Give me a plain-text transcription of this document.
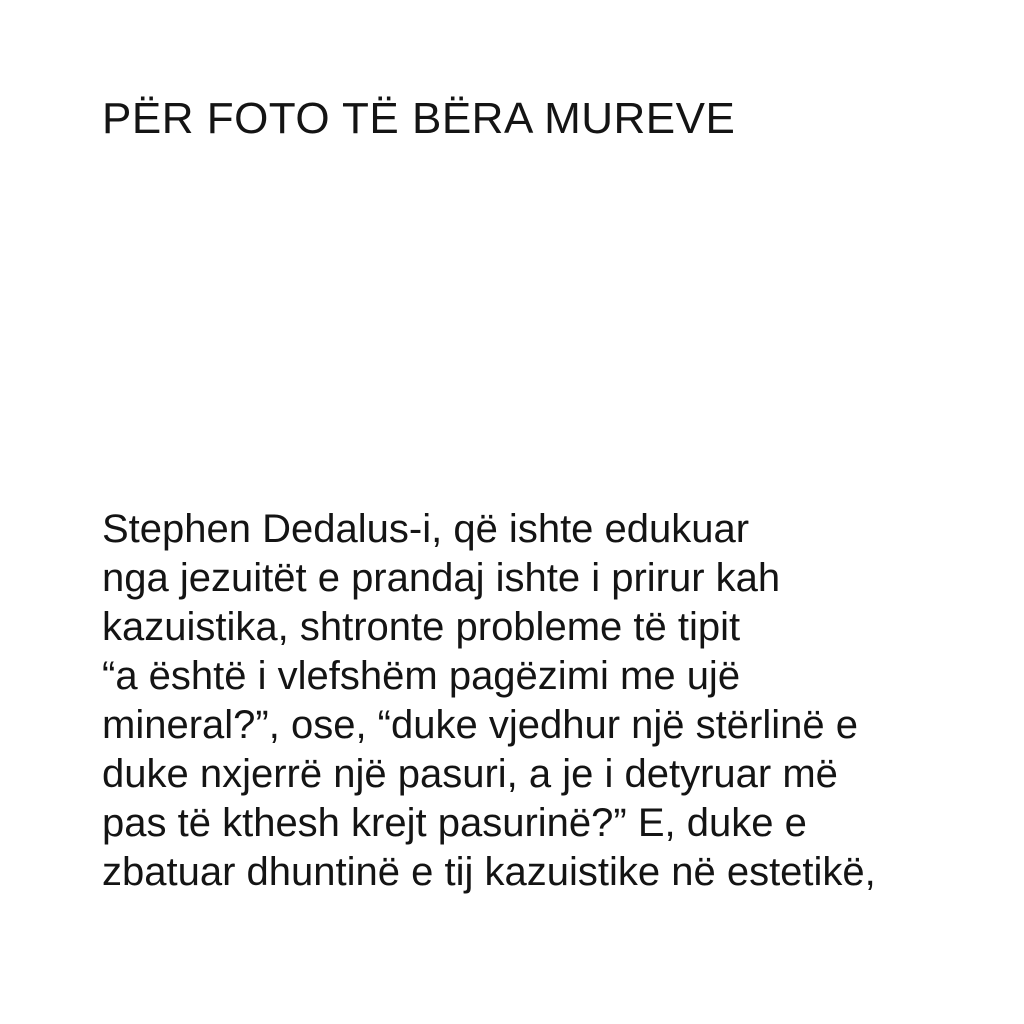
PËR FOTO TË BËRA MUREVE
Stephen Dedalus-i, që ishte edukuar
nga jezuitët e prandaj ishte i prirur kah
kazuistika, shtronte probleme të tipit
“a është i vlefshëm pagëzimi me ujë
mineral?”, ose, “duke vjedhur një stërlinë e
duke nxjerrë një pasuri, a je i detyruar më
pas të kthesh krejt pasurinë?” E, duke e
zbatuar dhuntinë e tij kazuistike në estetikë,
